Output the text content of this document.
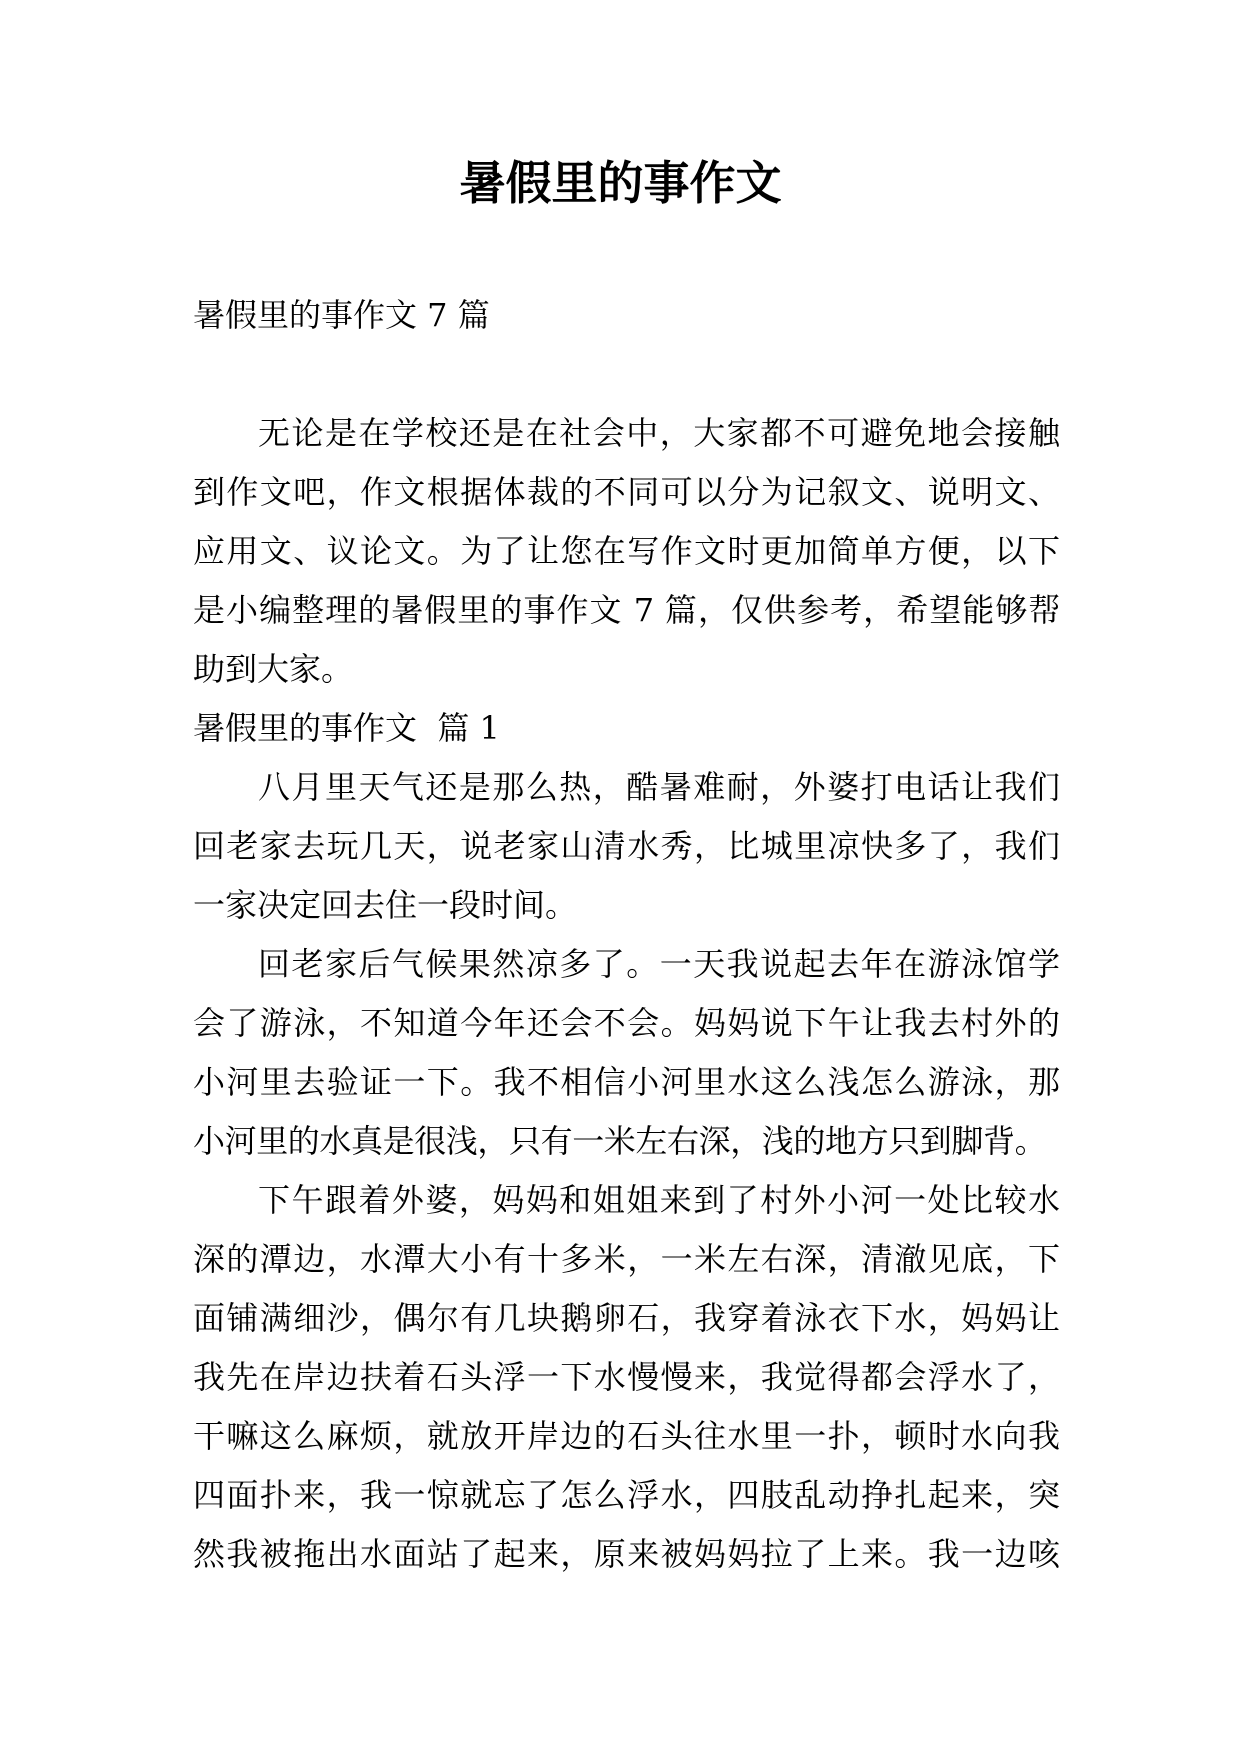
暑假里的事作文
暑假里的事作文 7 篇
无论是在学校还是在社会中，大家都不可避免地会接触
到作文吧，作文根据体裁的不同可以分为记叙文、说明文、
应用文、议论文。为了让您在写作文时更加简单方便，以下
是小编整理的暑假里的事作文 7 篇，仅供参考，希望能够帮
助到大家。
暑假里的事作文  篇 1
八月里天气还是那么热，酷暑难耐，外婆打电话让我们
回老家去玩几天，说老家山清水秀，比城里凉快多了，我们
一家决定回去住一段时间。
回老家后气候果然凉多了。一天我说起去年在游泳馆学
会了游泳，不知道今年还会不会。妈妈说下午让我去村外的
小河里去验证一下。我不相信小河里水这么浅怎么游泳，那
小河里的水真是很浅，只有一米左右深，浅的地方只到脚背。
下午跟着外婆，妈妈和姐姐来到了村外小河一处比较水
深的潭边，水潭大小有十多米，一米左右深，清澈见底，下
面铺满细沙，偶尔有几块鹅卵石，我穿着泳衣下水，妈妈让
我先在岸边扶着石头浮一下水慢慢来，我觉得都会浮水了，
干嘛这么麻烦，就放开岸边的石头往水里一扑，顿时水向我
四面扑来，我一惊就忘了怎么浮水，四肢乱动挣扎起来，突
然我被拖出水面站了起来，原来被妈妈拉了上来。我一边咳
